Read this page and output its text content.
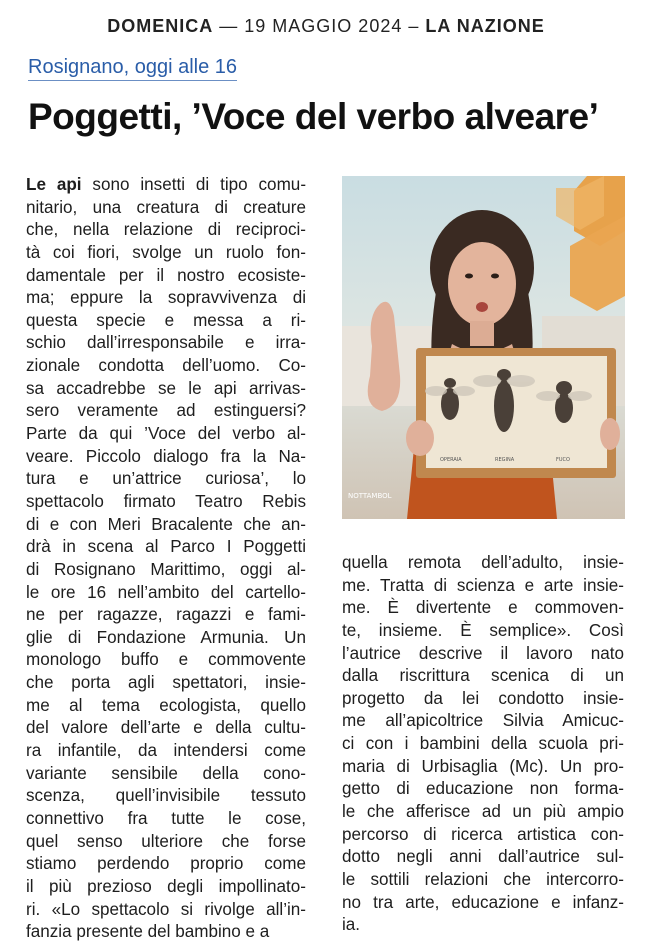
DOMENICA — 19 MAGGIO 2024 – LA NAZIONE
Rosignano, oggi alle 16
Poggetti, ’Voce del verbo alveare’
Le api sono insetti di tipo comu-
nitario, una creatura di creature
che, nella relazione di reciproci-
tà coi fiori, svolge un ruolo fon-
damentale per il nostro ecosiste-
ma; eppure la sopravvivenza di
questa specie e messa a ri-
schio dall’irresponsabile e irra-
zionale condotta dell’uomo. Co-
sa accadrebbe se le api arrivas-
sero veramente ad estinguersi?
Parte da qui ’Voce del verbo al-
veare. Piccolo dialogo fra la Na-
tura e un’attrice curiosa’, lo
spettacolo firmato Teatro Rebis
di e con Meri Bracalente che an-
drà in scena al Parco I Poggetti
di Rosignano Marittimo, oggi al-
le ore 16 nell’ambito del cartello-
ne per ragazze, ragazzi e fami-
glie di Fondazione Armunia. Un
monologo buffo e commovente
che porta agli spettatori, insie-
me al tema ecologista, quello
del valore dell’arte e della cultu-
ra infantile, da intendersi come
variante sensibile della cono-
scenza, quell’invisibile tessuto
connettivo fra tutte le cose,
quel senso ulteriore che forse
stiamo perdendo proprio come
il più prezioso degli impollinato-
ri. «Lo spettacolo si rivolge all’in-
fanzia presente del bambino e a
OPERAIA	REGINA	FUCO
NOTTAMBOL
quella remota dell’adulto, insie-
me. Tratta di scienza e arte insie-
me. È divertente e commoven-
te, insieme. È semplice». Così
l’autrice descrive il lavoro nato
dalla riscrittura scenica di un
progetto da lei condotto insie-
me all’apicoltrice Silvia Amicuc-
ci con i bambini della scuola pri-
maria di Urbisaglia (Mc). Un pro-
getto di educazione non forma-
le che afferisce ad un più ampio
percorso di ricerca artistica con-
dotto negli anni dall’autrice sul-
le sottili relazioni che intercorro-
no tra arte, educazione e infanz-
ia.
